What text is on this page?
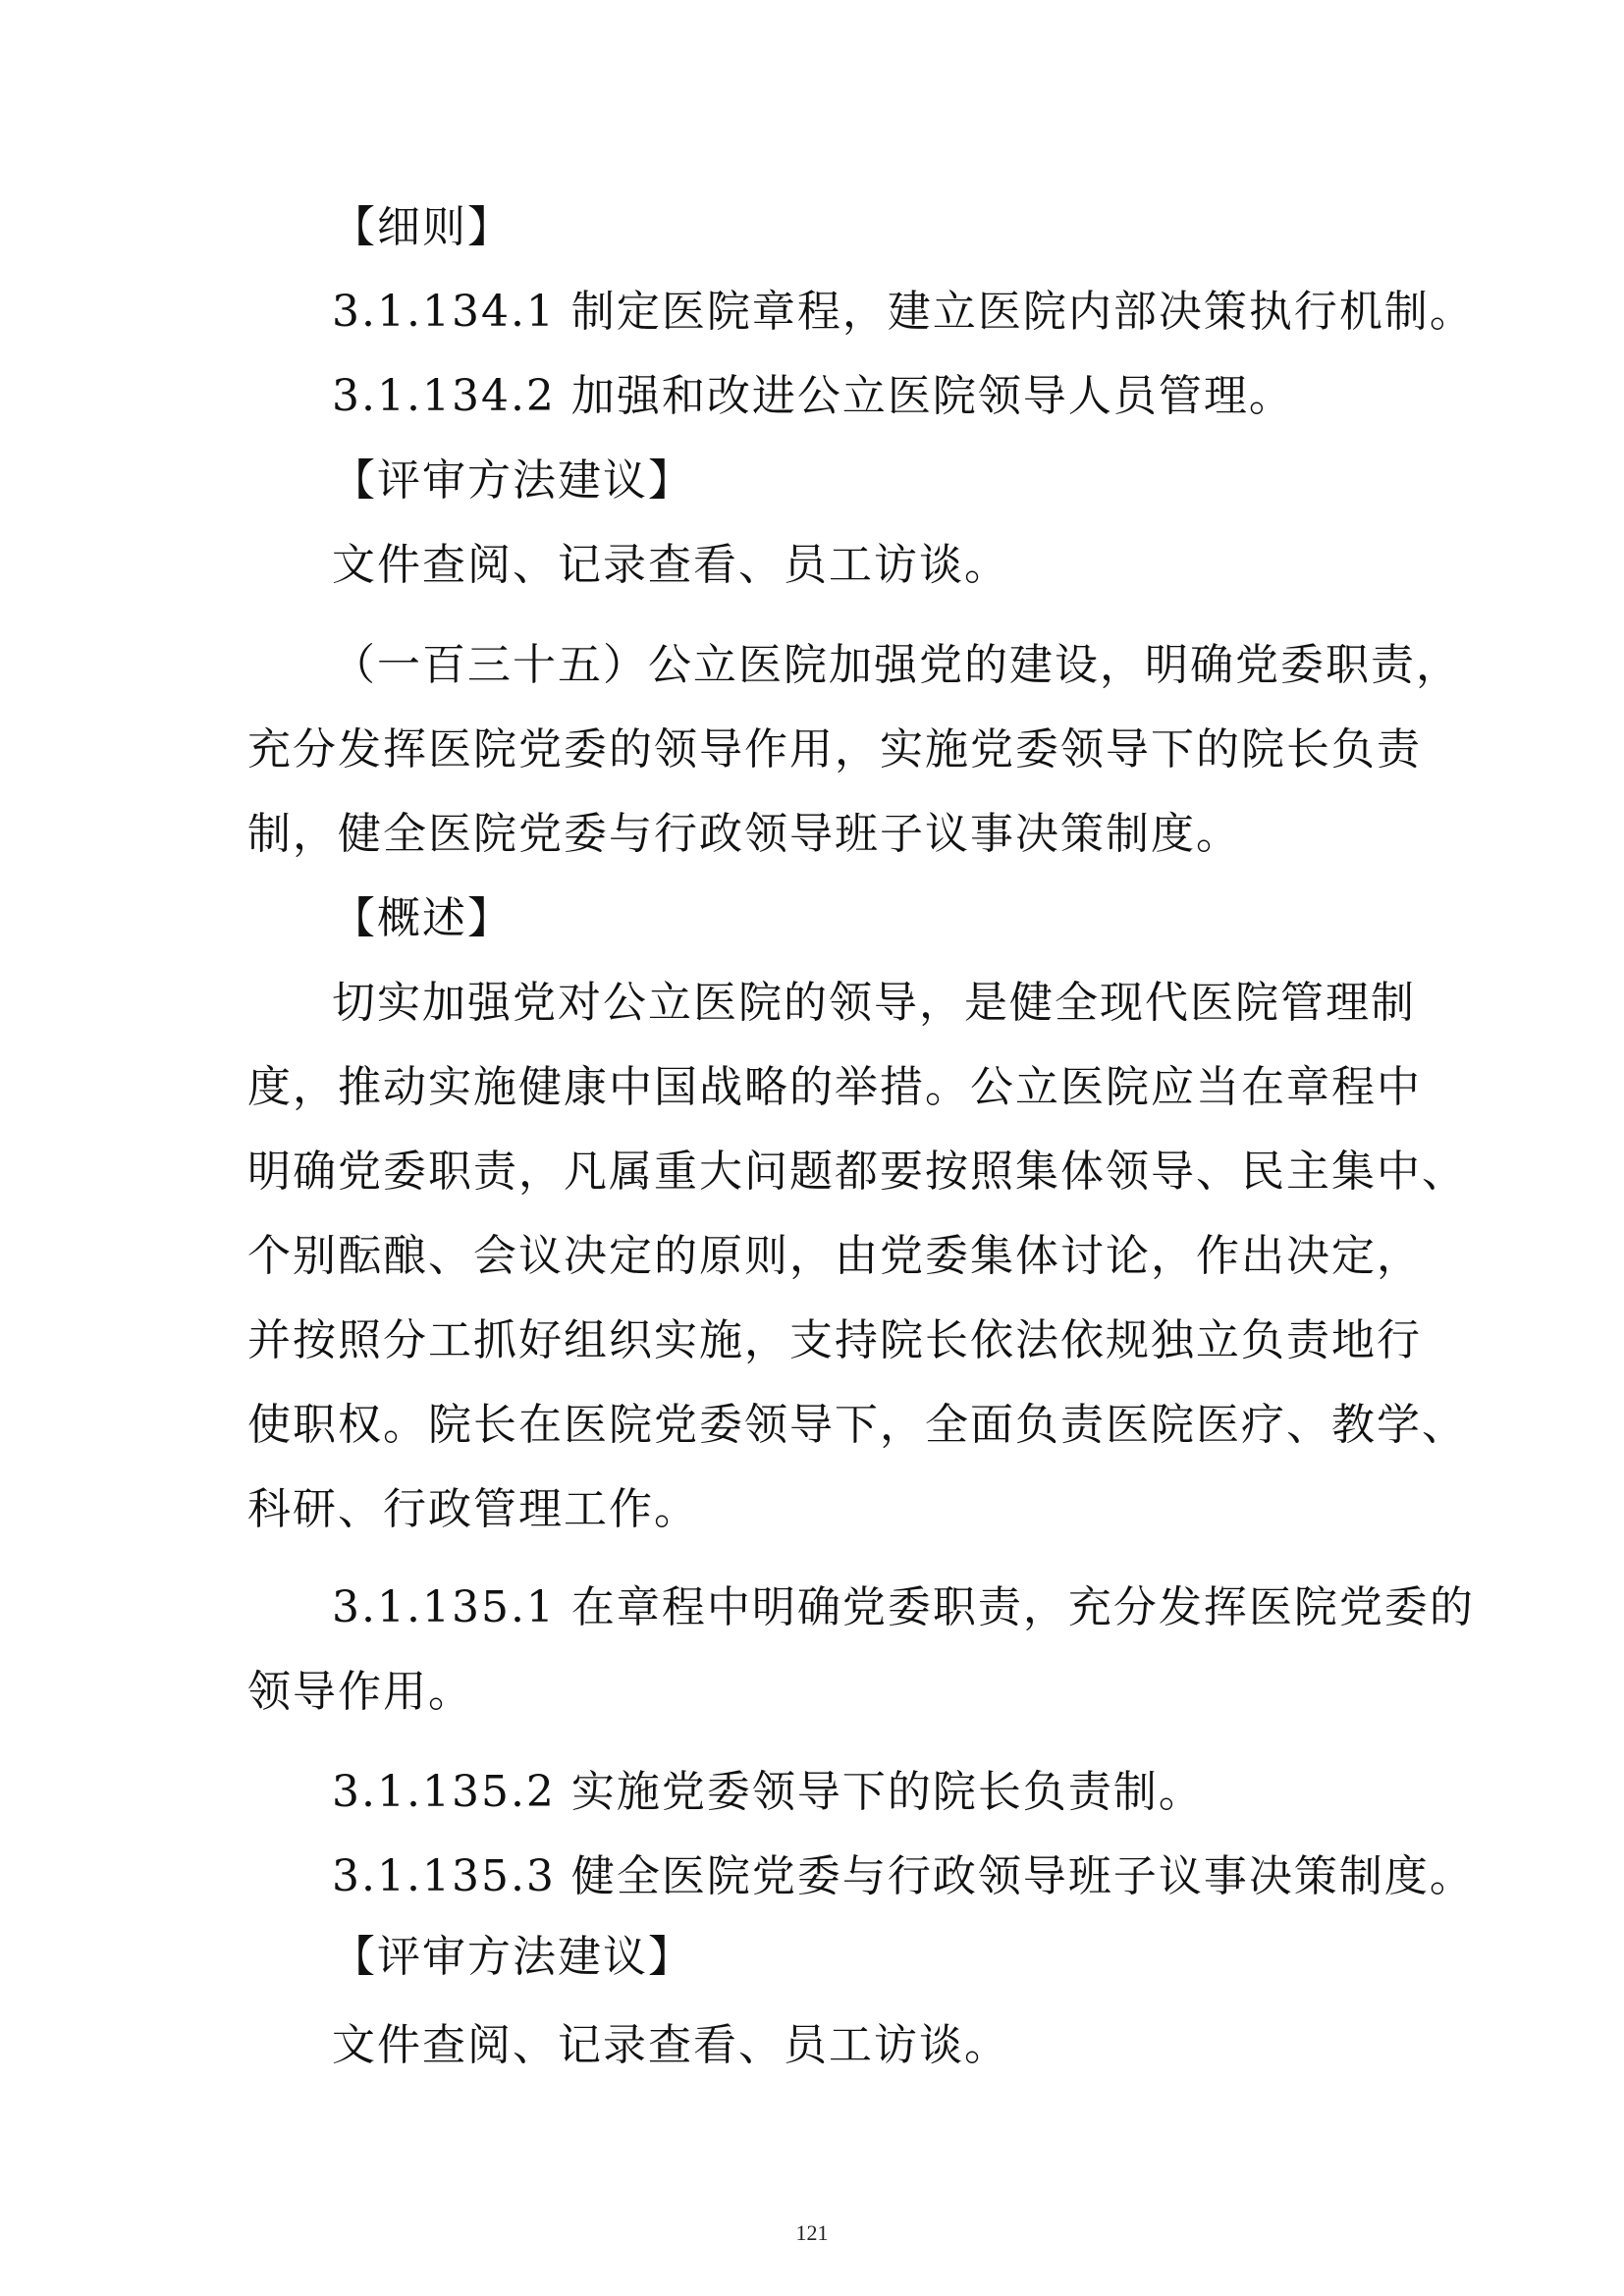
【细则】

3.1.134.1 制定医院章程，建立医院内部决策执行机制。

3.1.134.2 加强和改进公立医院领导人员管理。

【评审方法建议】

文件查阅、记录查看、员工访谈。

（一百三十五）公立医院加强党的建设，明确党委职责，

充分发挥医院党委的领导作用，实施党委领导下的院长负责

制，健全医院党委与行政领导班子议事决策制度。

【概述】

切实加强党对公立医院的领导，是健全现代医院管理制

度，推动实施健康中国战略的举措。公立医院应当在章程中

明确党委职责，凡属重大问题都要按照集体领导、民主集中、

个别酝酿、会议决定的原则，由党委集体讨论，作出决定，

并按照分工抓好组织实施，支持院长依法依规独立负责地行

使职权。院长在医院党委领导下，全面负责医院医疗、教学、

科研、行政管理工作。

3.1.135.1 在章程中明确党委职责，充分发挥医院党委的

领导作用。

3.1.135.2 实施党委领导下的院长负责制。

3.1.135.3 健全医院党委与行政领导班子议事决策制度。

【评审方法建议】

文件查阅、记录查看、员工访谈。

121
